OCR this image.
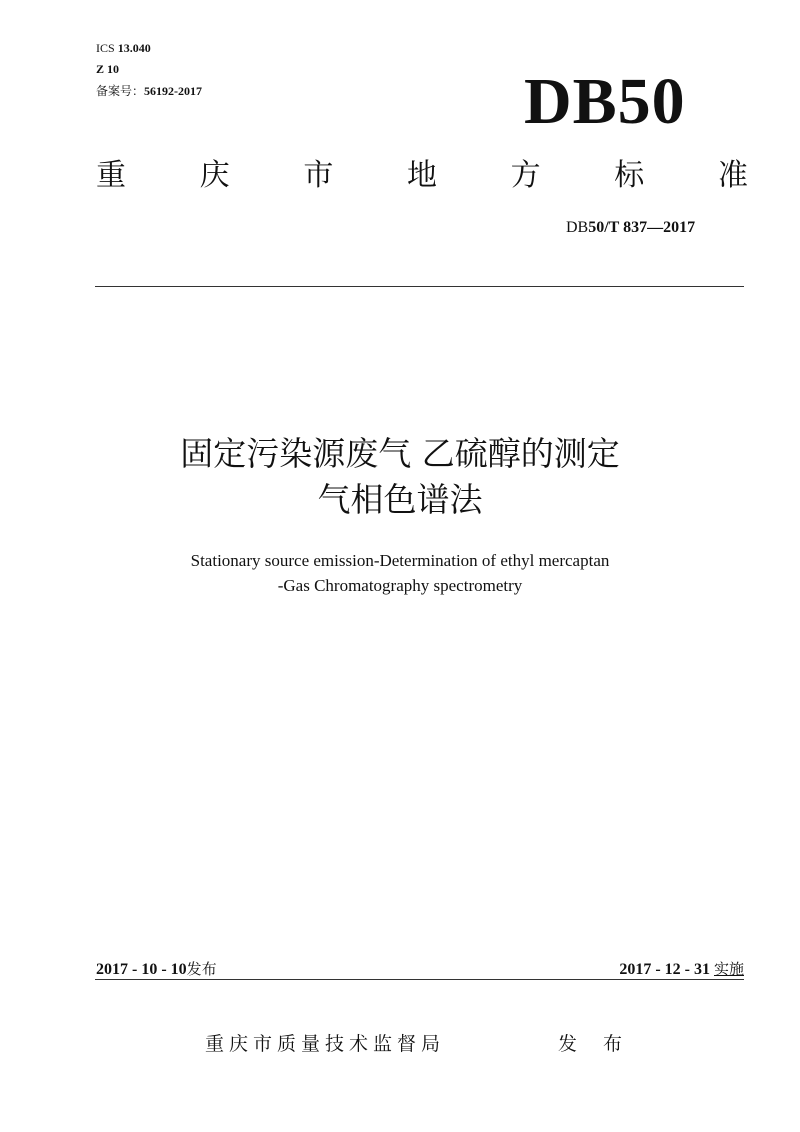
ICS 13.040
Z 10
备案号：56192-2017	DB50
重 庆 市 地 方 标 准
DB50/T 837—2017
固定污染源废气 乙硫醇的测定
气相色谱法
Stationary source emission-Determination of ethyl mercaptan
-Gas Chromatography spectrometry
2017 - 10 - 10发布	2017 - 12 - 31 实施
重庆市质量技术监督局	发 布
